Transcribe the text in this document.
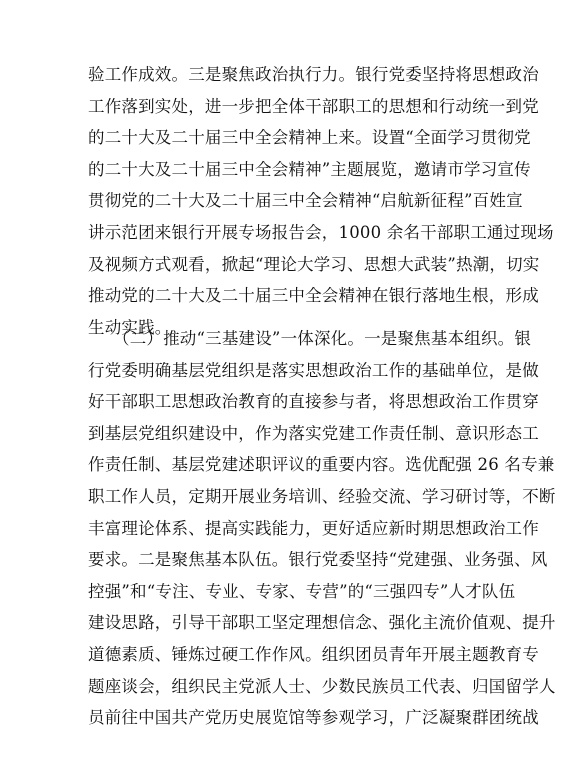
验工作成效。三是聚焦政治执行力。银行党委坚持将思想政治
工作落到实处，进一步把全体干部职工的思想和行动统一到党
的二十大及二十届三中全会精神上来。设置“全面学习贯彻党
的二十大及二十届三中全会精神”主题展览，邀请市学习宣传
贯彻党的二十大及二十届三中全会精神“启航新征程”百姓宣
讲示范团来银行开展专场报告会，1000 余名干部职工通过现场
及视频方式观看，掀起“理论大学习、思想大武装”热潮，切实
推动党的二十大及二十届三中全会精神在银行落地生根，形成
生动实践。
（二）推动“三基建设”一体深化。一是聚焦基本组织。银
行党委明确基层党组织是落实思想政治工作的基础单位，是做
好干部职工思想政治教育的直接参与者，将思想政治工作贯穿
到基层党组织建设中，作为落实党建工作责任制、意识形态工
作责任制、基层党建述职评议的重要内容。选优配强 26 名专兼
职工作人员，定期开展业务培训、经验交流、学习研讨等，不断
丰富理论体系、提高实践能力，更好适应新时期思想政治工作
要求。二是聚焦基本队伍。银行党委坚持“党建强、业务强、风
控强”和“专注、专业、专家、专营”的“三强四专”人才队伍
建设思路，引导干部职工坚定理想信念、强化主流价值观、提升
道德素质、锤炼过硬工作作风。组织团员青年开展主题教育专
题座谈会，组织民主党派人士、少数民族员工代表、归国留学人
员前往中国共产党历史展览馆等参观学习，广泛凝聚群团统战
